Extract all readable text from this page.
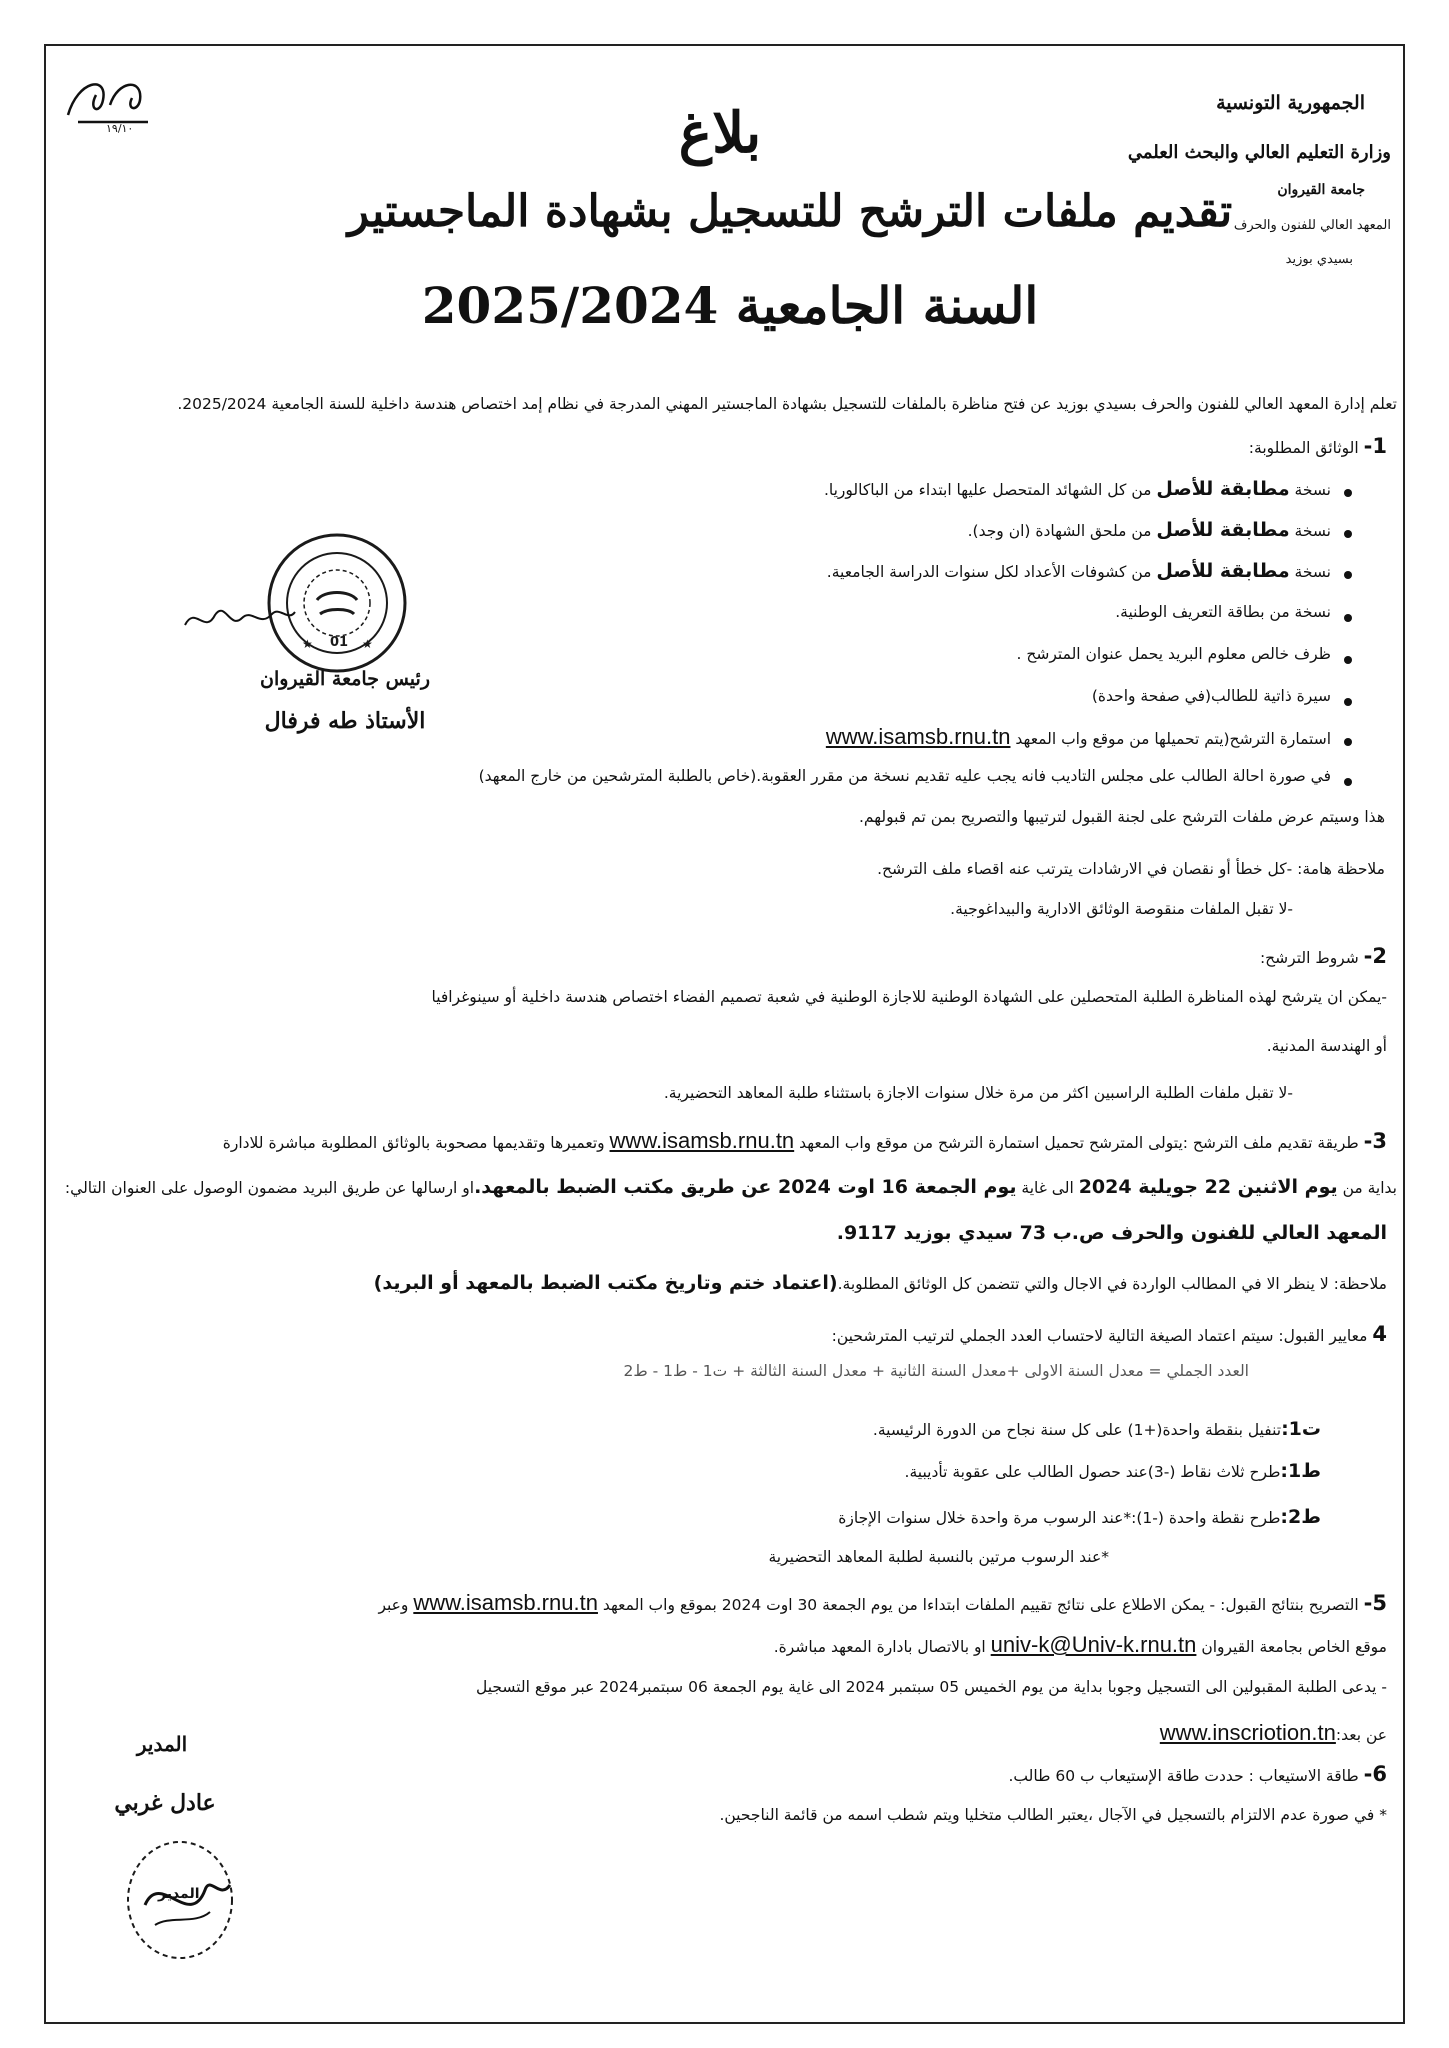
١٩/١٠
الجمهورية التونسية
وزارة التعليم العالي والبحث العلمي
جامعة القيروان
المعهد العالي للفنون والحرف
بسيدي بوزيد
بلاغ
تقديم ملفات الترشح للتسجيل بشهادة الماجستير
السنة الجامعية 2025/2024
تعلم إدارة المعهد العالي للفنون والحرف بسيدي بوزيد عن فتح مناظرة بالملفات للتسجيل بشهادة الماجستير المهني المدرجة في نظام إمد اختصاص هندسة داخلية للسنة الجامعية 2025/2024.
1- الوثائق المطلوبة:
نسخة مطابقة للأصل من كل الشهائد المتحصل عليها ابتداء من الباكالوريا.
نسخة مطابقة للأصل من ملحق الشهادة (ان وجد).
نسخة مطابقة للأصل من كشوفات الأعداد لكل سنوات الدراسة الجامعية.
نسخة من بطاقة التعريف الوطنية.
ظرف خالص معلوم البريد يحمل عنوان المترشح .
سيرة ذاتية للطالب(في صفحة واحدة)
استمارة الترشح(يتم تحميلها من موقع واب المعهد www.isamsb.rnu.tn
في صورة احالة الطالب على مجلس التاديب فانه يجب عليه تقديم نسخة من مقرر العقوبة.(خاص بالطلبة المترشحين من خارج المعهد)
هذا وسيتم عرض ملفات الترشح على لجنة القبول لترتيبها والتصريح بمن تم قبولهم.
ملاحظة هامة: -كل خطأ أو نقصان في الارشادات يترتب عنه اقصاء ملف الترشح.
-لا تقبل الملفات منقوصة الوثائق الادارية والبيداغوجية.
2- شروط الترشح:
-يمكن ان يترشح لهذه المناظرة الطلبة المتحصلين على الشهادة الوطنية للاجازة الوطنية في شعبة تصميم الفضاء اختصاص هندسة داخلية أو سينوغرافيا
أو الهندسة المدنية.
-لا تقبل ملفات الطلبة الراسبين اكثر من مرة خلال سنوات الاجازة باستثناء طلبة المعاهد التحضيرية.
3- طريقة تقديم ملف الترشح :يتولى المترشح تحميل استمارة الترشح من موقع واب المعهد www.isamsb.rnu.tn وتعميرها وتقديمها مصحوبة بالوثائق المطلوبة مباشرة للادارة
بداية من يوم الاثنين 22 جويلية 2024 الى غاية يوم الجمعة 16 اوت 2024 عن طريق مكتب الضبط بالمعهد.او ارسالها عن طريق البريد مضمون الوصول على العنوان التالي:
المعهد العالي للفنون والحرف ص.ب 73 سيدي بوزيد 9117.
ملاحظة: لا ينظر الا في المطالب الواردة في الاجال والتي تتضمن كل الوثائق المطلوبة.(اعتماد ختم وتاريخ مكتب الضبط بالمعهد أو البريد)
4 معايير القبول: سيتم اعتماد الصيغة التالية لاحتساب العدد الجملي لترتيب المترشحين:
العدد الجملي = معدل السنة الاولى +معدل السنة الثانية + معدل السنة الثالثة + ت1 - ط1 - ط2
ت1:تنفيل بنقطة واحدة(+1) على كل سنة نجاح من الدورة الرئيسية.
ط1:طرح ثلاث نقاط (-3)عند حصول الطالب على عقوبة تأديبية.
ط2:طرح نقطة واحدة (-1):*عند الرسوب مرة واحدة خلال سنوات الإجازة
*عند الرسوب مرتين بالنسبة لطلبة المعاهد التحضيرية
5- التصريح بنتائج القبول: - يمكن الاطلاع على نتائج تقييم الملفات ابتداءا من يوم الجمعة 30 اوت 2024 بموقع واب المعهد www.isamsb.rnu.tn وعبر
موقع الخاص بجامعة القيروان univ-k@Univ-k.rnu.tn او بالاتصال بادارة المعهد مباشرة.
- يدعى الطلبة المقبولين الى التسجيل وجوبا بداية من يوم الخميس 05 سبتمبر 2024 الى غاية يوم الجمعة 06 سبتمبر2024 عبر موقع التسجيل
عن بعد:www.inscriotion.tn
6- طاقة الاستيعاب : حددت طاقة الإستيعاب ب 60 طالب.
* في صورة عدم الالتزام بالتسجيل في الآجال ،يعتبر الطالب متخليا ويتم شطب اسمه من قائمة الناجحين.
01
★	★
رئيس جامعة القيروان
الأستاذ طه فرفال
المدير
عادل غربي
المدير
